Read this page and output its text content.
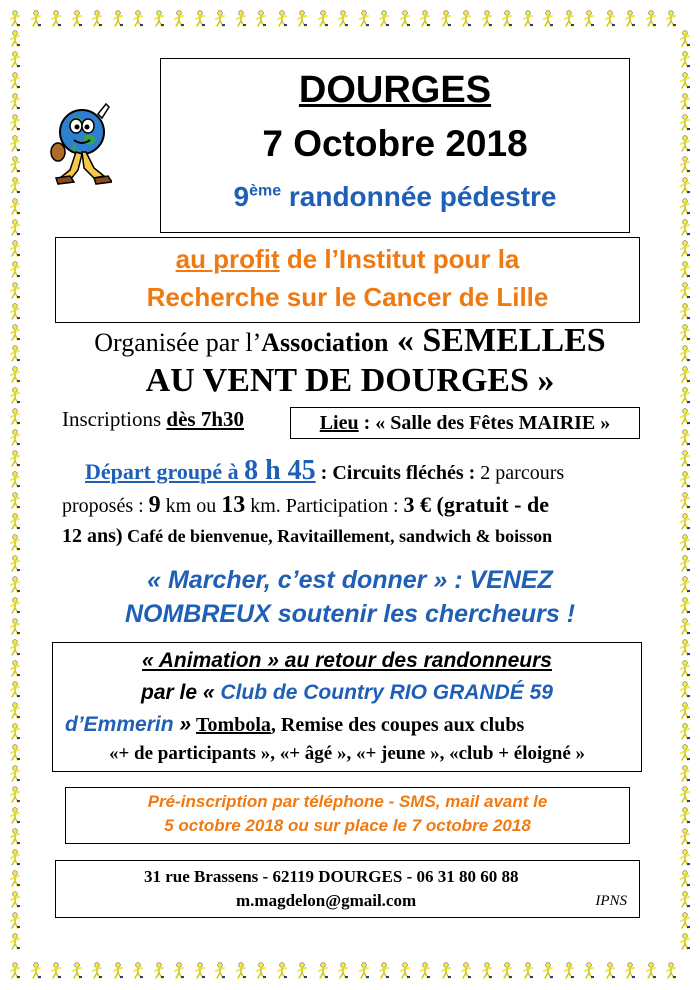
DOURGES
7 Octobre 2018
9ème randonnée pédestre
au profit de l’Institut pour la
Recherche sur le Cancer de Lille
Organisée par l’Association « SEMELLES
AU VENT DE DOURGES »
Inscriptions dès 7h30	Lieu : « Salle des Fêtes MAIRIE »
Départ groupé à 8 h 45 : Circuits fléchés : 2 parcours
proposés : 9 km ou 13 km. Participation : 3 € (gratuit - de
12 ans) Café de bienvenue, Ravitaillement, sandwich & boisson
« Marcher, c’est donner » : VENEZ
NOMBREUX soutenir les chercheurs !
« Animation » au retour des randonneurs
par le « Club de Country RIO GRANDÉ 59
d’Emmerin » Tombola, Remise des coupes aux clubs
«+ de participants », «+ âgé », «+ jeune », «club + éloigné »
Pré-inscription par téléphone - SMS, mail avant le
5 octobre 2018 ou sur place le 7 octobre 2018
31 rue Brassens - 62119 DOURGES - 06 31 80 60 88
m.magdelon@gmail.com	IPNS
